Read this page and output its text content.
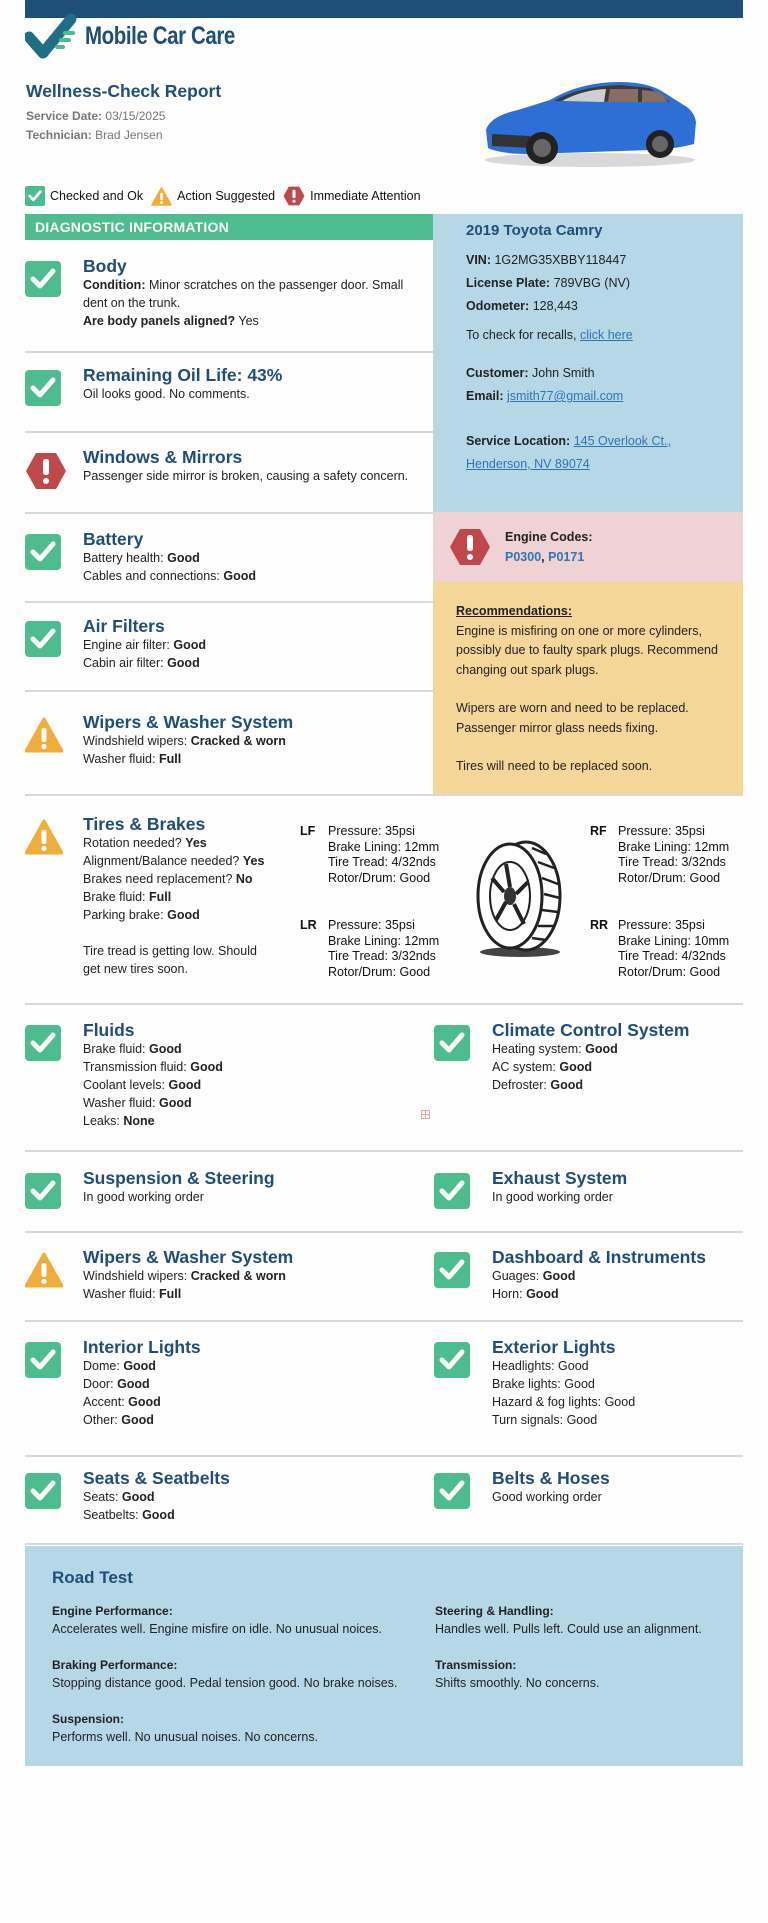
Mobile Car Care
Wellness-Check Report
Service Date: 03/15/2025
Technician: Brad Jensen
Checked and Ok	Action Suggested	Immediate Attention
DIAGNOSTIC INFORMATION
Body

Condition: Minor scratches on the passenger door. Small dent on the trunk.

Are body panels aligned? Yes

Remaining Oil Life: 43%

Oil looks good. No comments.

Windows & Mirrors

Passenger side mirror is broken, causing a safety concern.

Battery

Battery health: Good

Cables and connections: Good

Air Filters

Engine air filter: Good

Cabin air filter: Good

Wipers & Washer System

Windshield wipers: Cracked & worn

Washer fluid: Full

2019 Toyota Camry
VIN: 1G2MG35XBBY118447
License Plate: 789VBG (NV)
Odometer: 128,443
To check for recalls, click here
Customer: John Smith
Email: jsmith77@gmail.com
Service Location: 145 Overlook Ct.,
Henderson, NV 89074
Engine Codes:
P0300, P0171
Recommendations:
Engine is misfiring on one or more cylinders, possibly due to faulty spark plugs. Recommend changing out spark plugs.
Wipers are worn and need to be replaced. Passenger mirror glass needs fixing.
Tires will need to be replaced soon.
Tires & Brakes

Rotation needed? Yes

Alignment/Balance needed? Yes

Brakes need replacement? No

Brake fluid: Full

Parking brake: Good

Tire tread is getting low. Should get new tires soon.

LF	Pressure: 35psi
Brake Lining: 12mm
Tire Tread: 4/32nds
Rotor/Drum: Good
RF Pressure: 35psi
Brake Lining: 12mm
Tire Tread: 3/32nds
Rotor/Drum: Good
LR Pressure: 35psi
Brake Lining: 12mm
Tire Tread: 3/32nds
Rotor/Drum: Good
RR Pressure: 35psi
Brake Lining: 10mm
Tire Tread: 4/32nds
Rotor/Drum: Good
Fluids

Brake fluid: Good

Transmission fluid: Good

Coolant levels: Good

Washer fluid: Good

Leaks: None

Climate Control System

Heating system: Good

AC system: Good

Defroster: Good

Suspension & Steering

In good working order

Exhaust System

In good working order

Wipers & Washer System

Windshield wipers: Cracked & worn

Washer fluid: Full

Dashboard & Instruments

Guages: Good

Horn: Good

Interior Lights

Dome: Good

Door: Good

Accent: Good

Other: Good

Exterior Lights

Headlights: Good

Brake lights: Good

Hazard & fog lights: Good

Turn signals: Good

Seats & Seatbelts

Seats: Good

Seatbelts: Good

Belts & Hoses

Good working order

Road Test
Engine Performance:
Accelerates well. Engine misfire on idle. No unusual noices.
Steering & Handling:
Handles well. Pulls left. Could use an alignment.
Braking Performance:
Stopping distance good. Pedal tension good. No brake noises.
Transmission:
Shifts smoothly. No concerns.
Suspension:
Performs well. No unusual noises. No concerns.
